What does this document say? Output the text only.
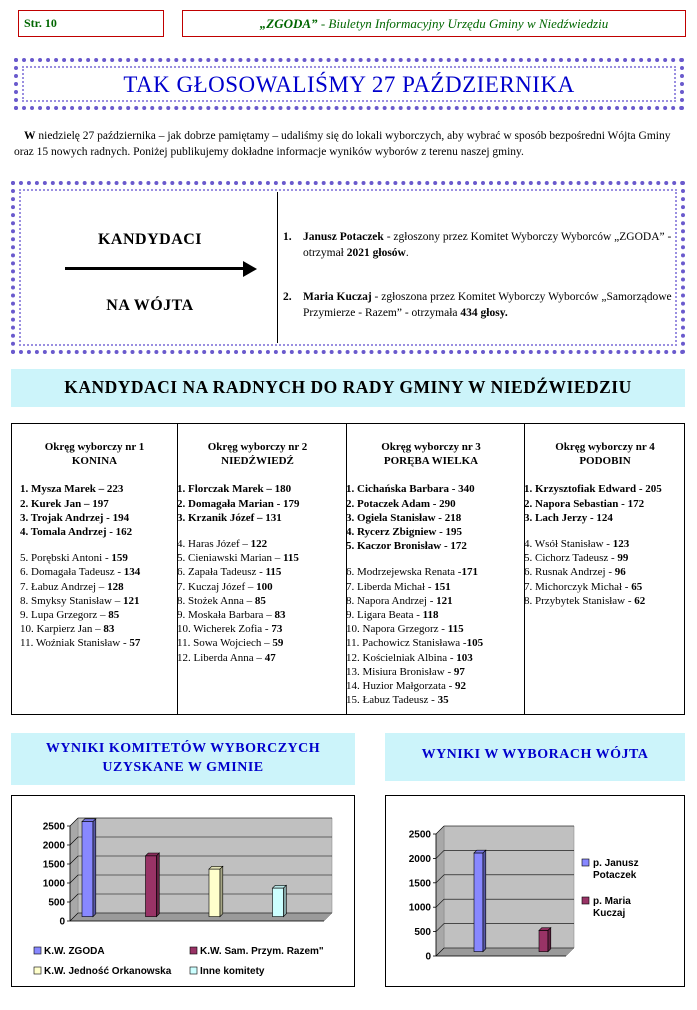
Str. 10	„ZGODA” - Biuletyn Informacyjny Urzędu Gminy w Niedźwiedziu
TAK GŁOSOWALIŚMY 27 PAŹDZIERNIKA
W niedzielę 27 października – jak dobrze pamiętamy – udaliśmy się do lokali wyborczych, aby wybrać w sposób bezpośredni Wójta Gminy oraz 15 nowych radnych. Poniżej publikujemy dokładne informacje wyników wyborów z terenu naszej gminy.
KANDYDACI
NA WÓJTA
1. Janusz Potaczek - zgłoszony przez Komitet Wyborczy Wyborców „ZGODA” - otrzymał 2021 głosów.
2. Maria Kuczaj - zgłoszona przez Komitet Wyborczy Wyborców „Samorządowe Przymierze - Razem” - otrzymała 434 głosy.
KANDYDACI NA RADNYCH DO RADY GMINY W NIEDŹWIEDZIU
Okręg wyborczy nr 1
KONINA
1. Mysza Marek – 223
2. Kurek Jan – 197
3. Trojak Andrzej - 194
4. Tomala Andrzej - 162
5. Porębski Antoni - 159
6. Domagała Tadeusz - 134
7. Łabuz Andrzej – 128
8. Smyksy Stanisław – 121
9. Lupa Grzegorz – 85
10. Karpierz Jan – 83
11. Woźniak Stanisław - 57
Okręg wyborczy nr 2
NIEDŹWIEDŹ
1. Florczak Marek – 180
2. Domagała Marian - 179
3. Krzanik Józef – 131
4. Haras Józef – 122
5. Cieniawski Marian – 115
6. Zapała Tadeusz - 115
7. Kuczaj Józef – 100
8. Stożek Anna – 85
9. Moskała Barbara – 83
10. Wicherek Zofia - 73
11. Sowa Wojciech – 59
12. Liberda Anna – 47
Okręg wyborczy nr 3
PORĘBA WIELKA
1. Cichańska Barbara - 340
2. Potaczek Adam - 290
3. Ogiela Stanisław - 218
4. Rycerz Zbigniew - 195
5. Kaczor Bronisław - 172
6. Modrzejewska Renata -171
7. Liberda Michał - 151
8. Napora Andrzej - 121
9. Ligara Beata - 118
10. Napora Grzegorz - 115
11. Pachowicz Stanisława -105
12. Kościelniak Albina - 103
13. Misiura Bronisław - 97
14. Huzior Małgorzata - 92
15. Łabuz Tadeusz - 35
Okręg wyborczy nr 4
PODOBIN
1. Krzysztofiak Edward - 205
2. Napora Sebastian - 172
3. Lach Jerzy - 124
4. Wsół Stanisław - 123
5. Cichorz Tadeusz - 99
6. Rusnak Andrzej - 96
7. Michorczyk Michał - 65
8. Przybytek Stanisław - 62
WYNIKI KOMITETÓW WYBORCZYCH
UZYSKANE W GMINIE
WYNIKI W WYBORACH WÓJTA
0
500
1000
1500
2000
2500
K.W. ZGODA	K.W. Sam. Przym. Razem"
K.W. Jedność Orkanowska	Inne komitety
0
500
1000
1500
2000
2500
p. Janusz
Potaczek
p. Maria
Kuczaj
